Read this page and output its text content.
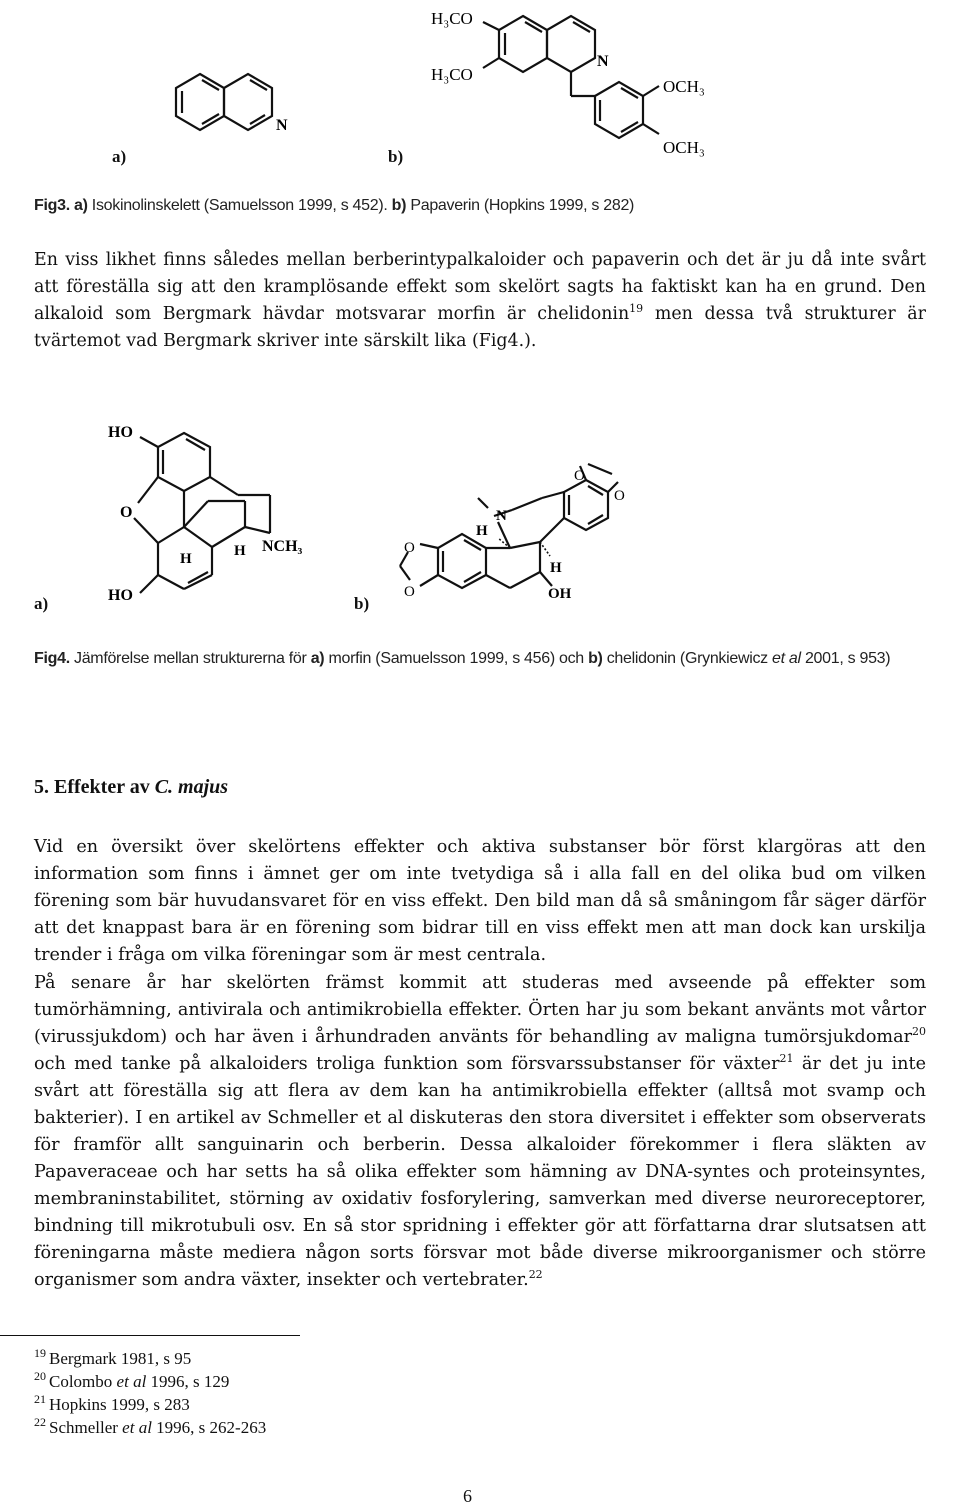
N
a)	b)
H₃CO
H₃CO
N
OCH₃
OCH₃
Fig3. a) Isokinolinskelett (Samuelsson 1999, s 452). b) Papaverin (Hopkins 1999, s 282)
En viss likhet finns således mellan berberintypalkaloider och papaverin och det är ju då inte svårt att föreställa sig att den kramplösande effekt som skelört sagts ha faktiskt kan ha en grund. Den alkaloid som Bergmark hävdar motsvarar morfin är chelidonin$^{19}$ men dessa två strukturer är tvärtemot vad Bergmark skriver inte särskilt lika (Fig4.).
a)	b)
HO
O
H	H NCH₃
HO
O
O
N
H
O
O
H
OH
Fig4. Jämförelse mellan strukturerna för a) morfin (Samuelsson 1999, s 456) och b) chelidonin (Grynkiewicz et al 2001, s 953)
5. Effekter av C. majus
Vid en översikt över skelörtens effekter och aktiva substanser bör först klargöras att den information som finns i ämnet ger om inte tvetydiga så i alla fall en del olika bud om vilken förening som bär huvudansvaret för en viss effekt. Den bild man då så småningom får säger därför att det knappast bara är en förening som bidrar till en viss effekt men att man dock kan urskilja trender i fråga om vilka föreningar som är mest centrala.
På senare år har skelörten främst kommit att studeras med avseende på effekter som tumörhämning, antivirala och antimikrobiella effekter. Örten har ju som bekant använts mot vårtor (virussjukdom) och har även i århundraden använts för behandling av maligna tumörsjukdomar$^{20}$ och med tanke på alkaloiders troliga funktion som försvarssubstanser för växter$^{21}$ är det ju inte svårt att föreställa sig att flera av dem kan ha antimikrobiella effekter (alltså mot svamp och bakterier). I en artikel av Schmeller et al diskuteras den stora diversitet i effekter som observerats för framför allt sanguinarin och berberin. Dessa alkaloider förekommer i flera släkten av Papaveraceae och har setts ha så olika effekter som hämning av DNA-syntes och proteinsyntes, membraninstabilitet, störning av oxidativ fosforylering, samverkan med diverse neuroreceptorer, bindning till mikrotubuli osv. En så stor spridning i effekter gör att författarna drar slutsatsen att föreningarna måste mediera någon sorts försvar mot både diverse mikroorganismer och större organismer som andra växter, insekter och vertebrater.$^{22}$
$^{19}$ Bergmark 1981, s 95
$^{20}$ Colombo et al 1996, s 129
$^{21}$ Hopkins 1999, s 283
$^{22}$ Schmeller et al 1996, s 262-263
6
